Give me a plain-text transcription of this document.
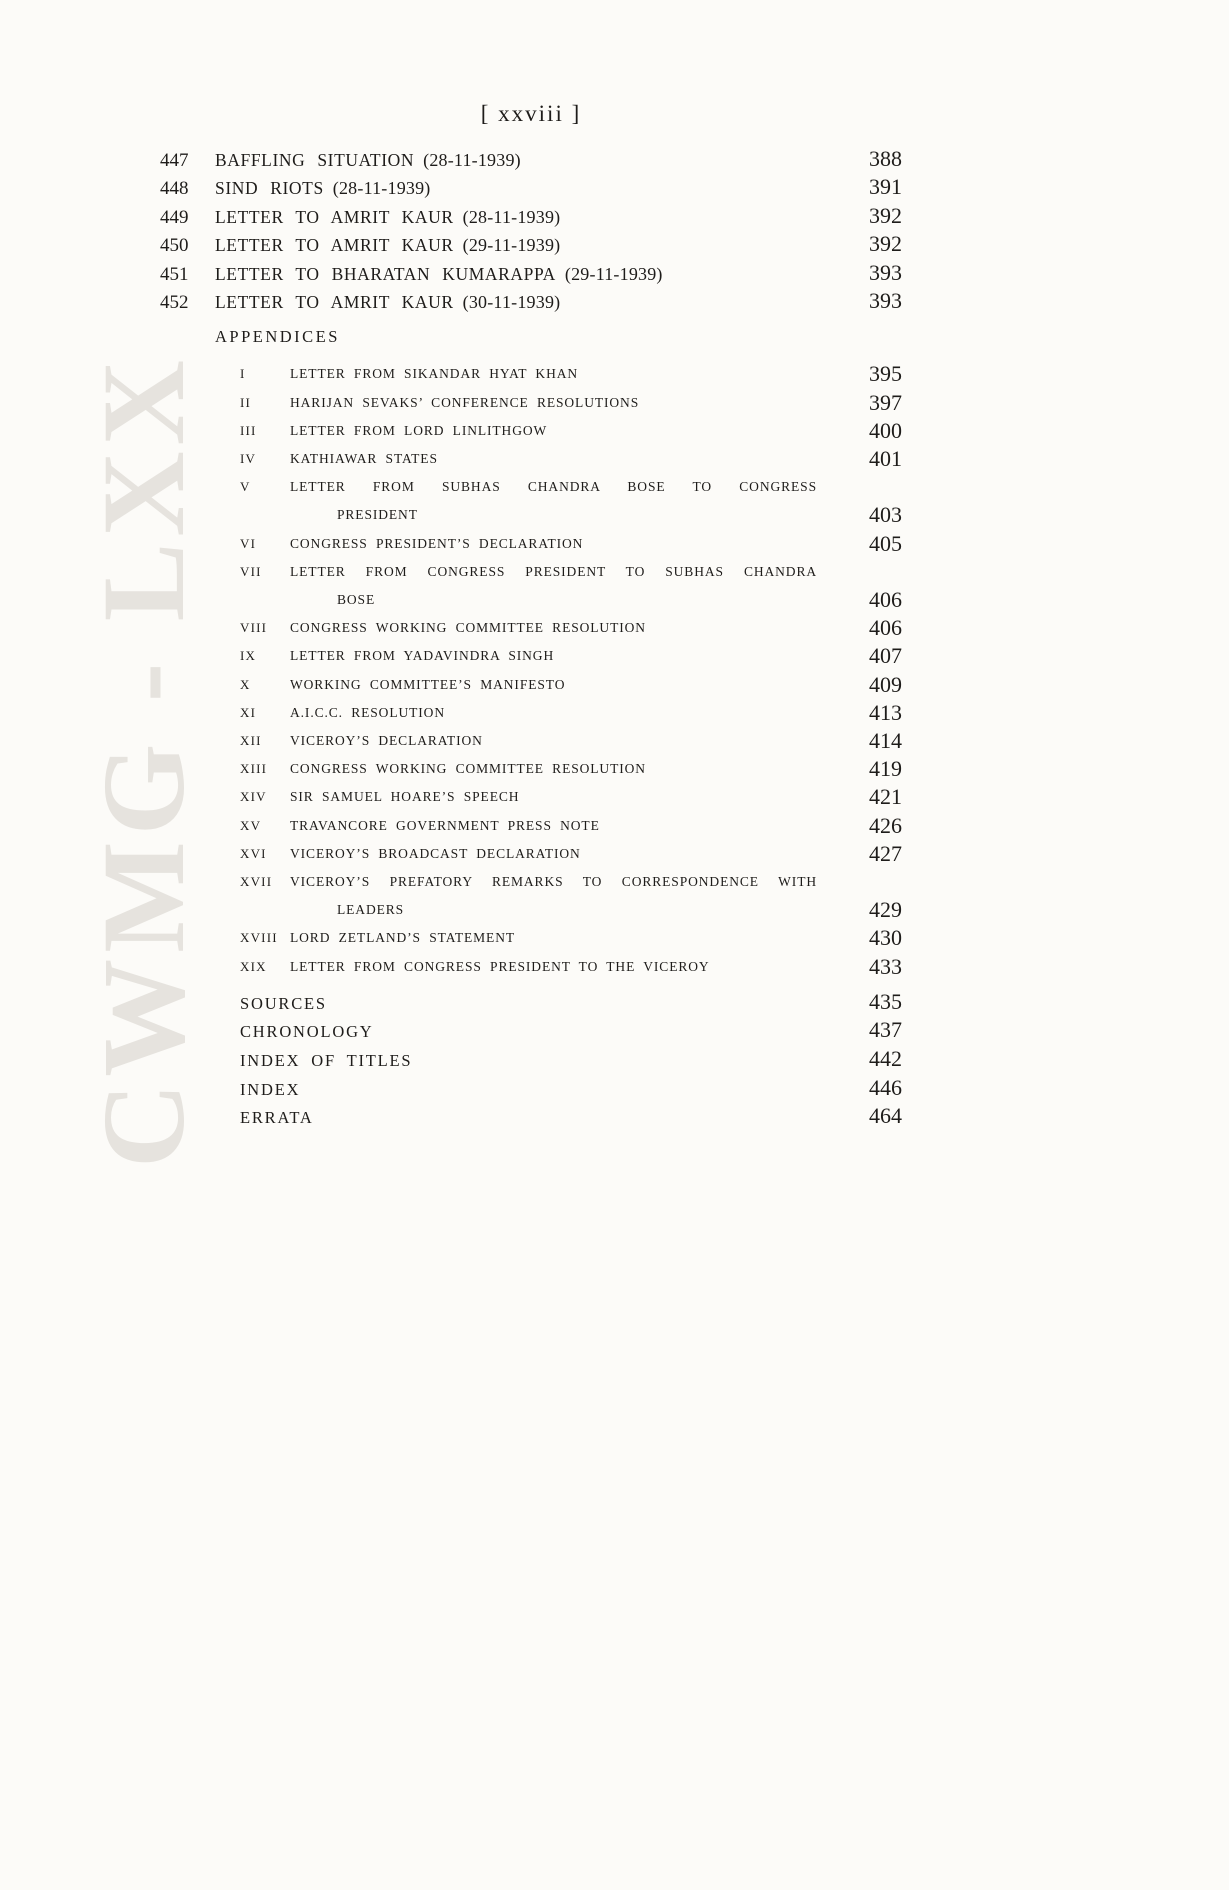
CWMG - LXX
[ xxviii ]
447	BAFFLING SITUATION (28-11-1939)	388
448	SIND RIOTS (28-11-1939)	391
449	LETTER TO AMRIT KAUR (28-11-1939)	392
450	LETTER TO AMRIT KAUR (29-11-1939)	392
451	LETTER TO BHARATAN KUMARAPPA (29-11-1939)	393
452	LETTER TO AMRIT KAUR (30-11-1939)	393
APPENDICES
I	LETTER FROM SIKANDAR HYAT KHAN	395
II	HARIJAN SEVAKS’ CONFERENCE RESOLUTIONS	397
III	LETTER FROM LORD LINLITHGOW	400
IV	KATHIAWAR STATES	401
V	LETTER FROM SUBHAS CHANDRA BOSE TO CONGRESS
PRESIDENT	403
VI	CONGRESS PRESIDENT’S DECLARATION	405
VII	LETTER FROM CONGRESS PRESIDENT TO SUBHAS CHANDRA
BOSE	406
VIII	CONGRESS WORKING COMMITTEE RESOLUTION	406
IX	LETTER FROM YADAVINDRA SINGH	407
X	WORKING COMMITTEE’S MANIFESTO	409
XI	A.I.C.C. RESOLUTION	413
XII	VICEROY’S DECLARATION	414
XIII	CONGRESS WORKING COMMITTEE RESOLUTION	419
XIV	SIR SAMUEL HOARE’S SPEECH	421
XV	TRAVANCORE GOVERNMENT PRESS NOTE	426
XVI	VICEROY’S BROADCAST DECLARATION	427
XVII	VICEROY’S PREFATORY REMARKS TO CORRESPONDENCE WITH
LEADERS	429
XVIII LORD ZETLAND’S STATEMENT	430
XIX	LETTER FROM CONGRESS PRESIDENT TO THE VICEROY	433
SOURCES	435
CHRONOLOGY	437
INDEX OF TITLES	442
INDEX	446
ERRATA	464
